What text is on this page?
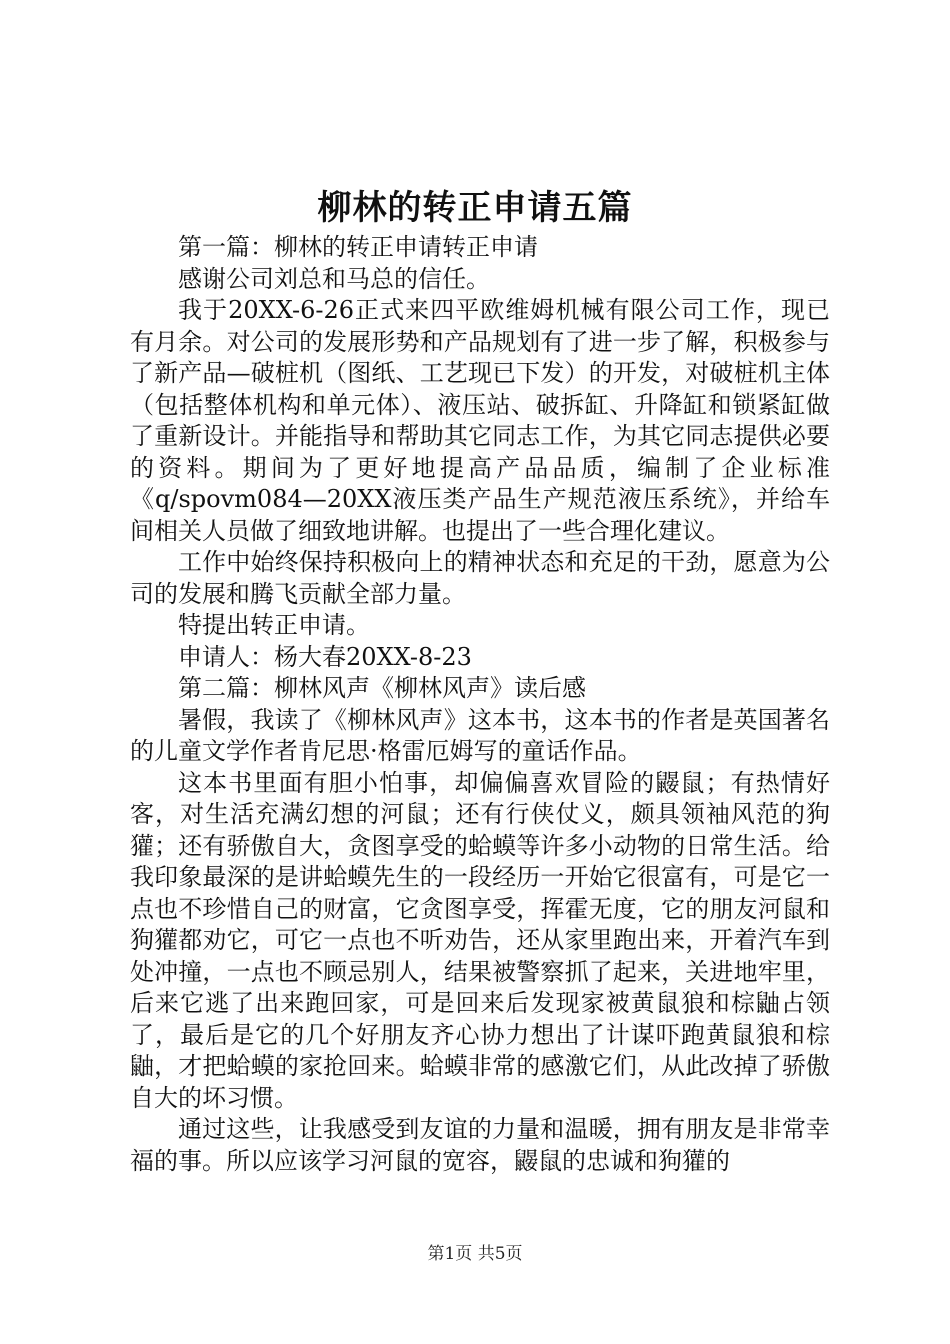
柳林的转正申请五篇

第一篇：柳林的转正申请转正申请

感谢公司刘总和马总的信任。

我于20XX-6-26正式来四平欧维姆机械有限公司工作，现已有月余。对公司的发展形势和产品规划有了进一步了解，积极参与了新产品—破桩机（图纸、工艺现已下发）的开发，对破桩机主体（包括整体机构和单元体）、液压站、破拆缸、升降缸和锁紧缸做了重新设计。并能指导和帮助其它同志工作，为其它同志提供必要的资料。期间为了更好地提高产品品质，编制了企业标准《q/spovm084—20XX液压类产品生产规范液压系统》，并给车间相关人员做了细致地讲解。也提出了一些合理化建议。

工作中始终保持积极向上的精神状态和充足的干劲，愿意为公司的发展和腾飞贡献全部力量。

特提出转正申请。

申请人：杨大春20XX-8-23

第二篇：柳林风声《柳林风声》读后感

暑假，我读了《柳林风声》这本书，这本书的作者是英国著名的儿童文学作者肯尼思·格雷厄姆写的童话作品。

这本书里面有胆小怕事，却偏偏喜欢冒险的鼹鼠；有热情好客，对生活充满幻想的河鼠；还有行侠仗义，颇具领袖风范的狗獾；还有骄傲自大，贪图享受的蛤蟆等许多小动物的日常生活。给我印象最深的是讲蛤蟆先生的一段经历一开始它很富有，可是它一点也不珍惜自己的财富，它贪图享受，挥霍无度，它的朋友河鼠和狗獾都劝它，可它一点也不听劝告，还从家里跑出来，开着汽车到处冲撞，一点也不顾忌别人，结果被警察抓了起来，关进地牢里，后来它逃了出来跑回家，可是回来后发现家被黄鼠狼和棕鼬占领了，最后是它的几个好朋友齐心协力想出了计谋吓跑黄鼠狼和棕鼬，才把蛤蟆的家抢回来。蛤蟆非常的感激它们，从此改掉了骄傲自大的坏习惯。

通过这些，让我感受到友谊的力量和温暖，拥有朋友是非常幸福的事。所以应该学习河鼠的宽容，鼹鼠的忠诚和狗獾的

第1页 共5页
